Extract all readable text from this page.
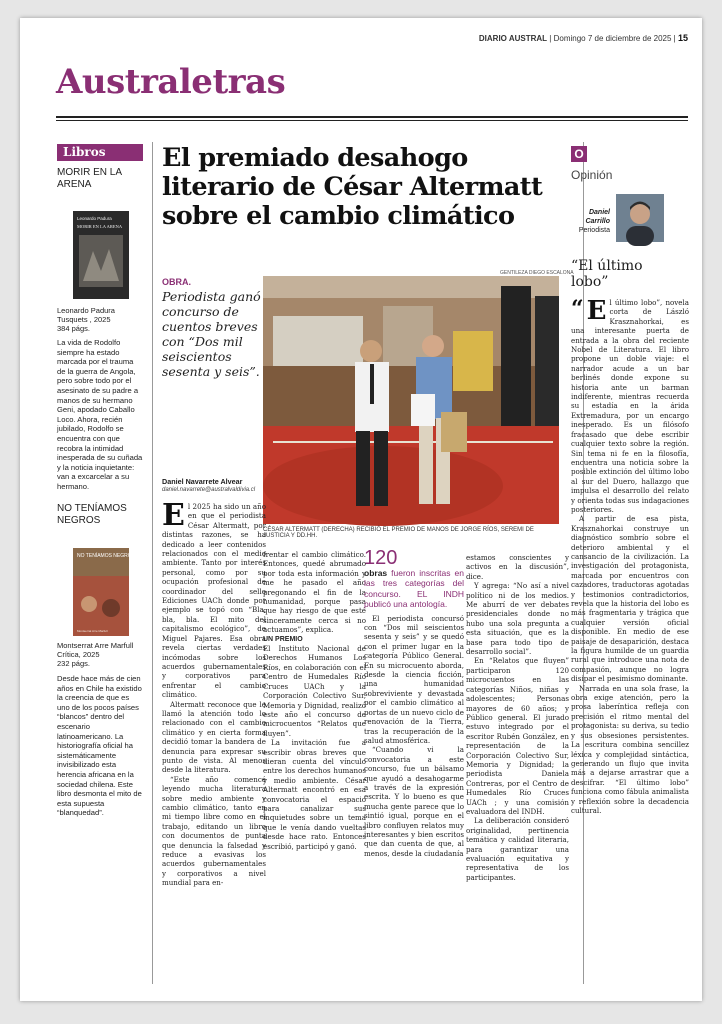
DIARIO AUSTRAL | Domingo 7 de diciembre de 2025 | 15
Australetras
Libros
MORIR EN LA ARENA
Leonardo Padura
MORIR EN LA ARENA
Leonardo Padura
Tusquets , 2025
384 págs.
La vida de Rodolfo siempre ha estado marcada por el trauma de la guerra de Angola, pero sobre todo por el asesinato de su padre a manos de su hermano Geni, apodado Caballo Loco. Ahora, recién jubilado, Rodolfo se encuentra con que recobra la intimidad inesperada de su cuñada y la noticia inquietante: van a excarcelar a su hermano.
NO TENÍAMOS NEGROS
NO TENÍAMOS NEGROS
Montserrat Arre Marfull
Montserrat Arre Marfull
Crítica, 2025
232 págs.
Desde hace más de cien años en Chile ha existido la creencia de que es uno de los pocos países “blancos” dentro del escenario latinoamericano. La historiografía oficial ha sistemáticamente invisibilizado esta herencia africana en la sociedad chilena. Este libro desmonta el mito de esta supuesta “blanquedad”.
El premiado desahogo literario de César Altermatt sobre el cambio climático
OBRA.
Periodista ganó concurso de cuentos breves con “Dos mil seiscientos sesenta y seis”.
Daniel Navarrete Alvear
daniel.navarrete@australvaldivia.cl
GENTILEZA DIEGO ESCALONA
CÉSAR ALTERMATT (DERECHA) RECIBIÓ EL PREMIO DE MANOS DE JORGE RÍOS, SEREMI DE JUSTICIA Y DD.HH.

El 2025 ha sido un año en que el periodista César Altermatt, por distintas razones, se ha dedicado a leer contenidos relacionados con el medio ambiente. Tanto por interés personal, como por su ocupación profesional de coordinador del sello Ediciones UACh donde por ejemplo se topó con “Bla, bla, bla. El mito del capitalismo ecológico”, de Miguel Pajares. Esa obra revela ciertas verdades incómodas sobre los acuerdos gubernamentales y corporativos para enfrentar el cambio climático.

Altermatt reconoce que le llamó la atención todo lo relacionado con el cambio climático y en cierta forma decidió tomar la bandera de denuncia para expresar su punto de vista. Al menos desde la literatura.

“Este año comencé leyendo mucha literatura sobre medio ambiente y cambio climático, tanto en mi tiempo libre como en el trabajo, editando un libro con documentos de punta que denuncia la falsedad y reduce a evasivas los acuerdos gubernamentales y corporativos a nivel mundial para en-

frentar el cambio climático. Entonces, quedé abrumado por toda esta información y me he pasado el año pregonando el fin de la humanidad, porque pasa que hay riesgo de que esté sinceramente cerca si no actuamos”, explica.

UN PREMIO

El Instituto Nacional de Derechos Humanos Los Ríos, en colaboración con el Centro de Humedales Río Cruces UACh y la Corporación Colectivo Sur, Memoria y Dignidad, realizó este año el concurso de microcuentos “Relatos que fluyen”.

La invitación fue a escribir obras breves que dieran cuenta del vínculo entre los derechos humanos y medio ambiente. César Altermatt encontró en esa convocatoria el espacio para canalizar sus inquietudes sobre un tema que le venía dando vueltas desde hace rato. Entonces escribió, participó y ganó.

120

obras fueron inscritas en las tres categorías del concurso. EL INDH publicó una antología.

El periodista concursó con “Dos mil seiscientos sesenta y seis” y se quedó con el primer lugar en la categoría Público General. En su microcuento aborda, desde la ciencia ficción, una humanidad sobreviviente y devastada por el cambio climático al portas de un nuevo ciclo de renovación de la Tierra, tras la recuperación de la salud atmosférica.

“Cuando vi la convocatoria a este concurso, fue un bálsamo que ayudó a desahogarme a través de la expresión escrita. Y lo bueno es que mucha gente parece que lo sintió igual, porque en el libro confluyen relatos muy interesantes y bien escritos que dan cuenta de que, al menos, desde la ciudadanía

estamos conscientes y activos en la discusión”, dice.

Y agrega: “No así a nivel político ni de los medios. Me aburrí de ver debates presidenciales donde no hubo una sola pregunta a esta situación, que es la base para todo tipo de desarrollo social”.

En “Relatos que fluyen” participaron 120 microcuentos en las categorías Niños, niñas y adolescentes; Personas mayores de 60 años; y Público general. El jurado estuvo integrado por el escritor Rubén González, en representación de la Corporación Colectivo Sur, Memoria y Dignidad; la periodista Daniela Contreras, por el Centro de Humedales Río Cruces UACh ; y una comisión evaluadora del INDH.

La deliberación consideró originalidad, pertinencia temática y calidad literaria, para garantizar una evaluación equitativa y representativa de los participantes.

O
Opinión
Daniel
Carrillo
Periodista
“El último lobo”

“ E l último lobo”, novela corta de László Krasznahorkai, es una interesante puerta de entrada a la obra del reciente Nobel de Literatura. El libro propone un doble viaje: el narrador acude a un bar berlinés donde expone su historia ante un barman indiferente, mientras recuerda su estadía en la árida Extremadura, por un encargo inesperado. Es un filósofo fracasado que debe escribir cualquier texto sobre la región. Sin tema ni fe en la filosofía, encuentra una noticia sobre la posible extinción del último lobo al sur del Duero, hallazgo que impulsa el desarrollo del relato y orienta todas sus indagaciones posteriores.

A partir de esa pista, Krasznahorkai construye un diagnóstico sombrío sobre el deterioro ambiental y el cansancio de la civilización. La investigación del protagonista, marcada por encuentros con cazadores, traductoras agotadas y testimonios contradictorios, revela que la historia del lobo es más fragmentaria y trágica que cualquier versión oficial disponible. En medio de ese paisaje de desaparición, destaca la figura humilde de un guardia rural que introduce una nota de compasión, aunque no logra disipar el pesimismo dominante.

Narrada en una sola frase, la obra exige atención, pero la prosa laberíntica refleja con precisión el ritmo mental del protagonista: su deriva, su tedio y sus obsesiones persistentes. La escritura combina sencillez léxica y complejidad sintáctica, generando un flujo que invita más a dejarse arrastrar que a descifrar. “El último lobo” funciona como fábula animalista y reflexión sobre la decadencia cultural.
